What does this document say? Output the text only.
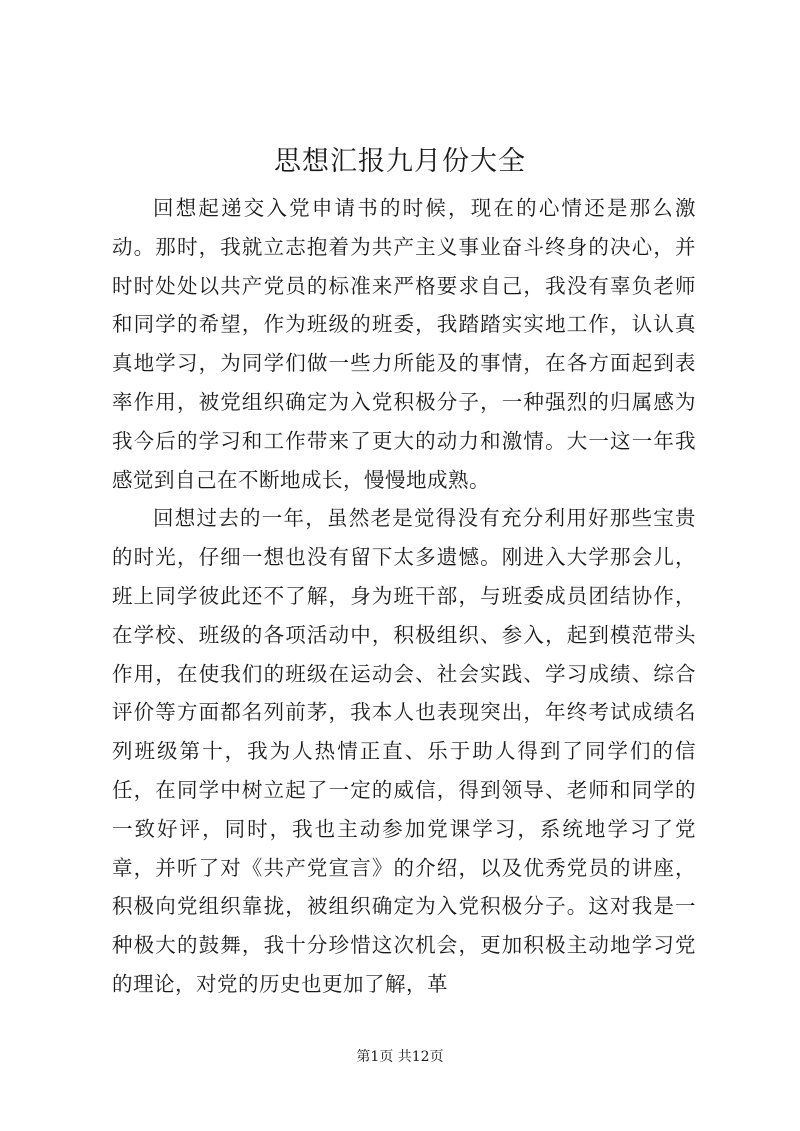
思想汇报九月份大全

回想起递交入党申请书的时候，现在的心情还是那么激动。那时，我就立志抱着为共产主义事业奋斗终身的决心，并时时处处以共产党员的标准来严格要求自己，我没有辜负老师和同学的希望，作为班级的班委，我踏踏实实地工作，认认真真地学习，为同学们做一些力所能及的事情，在各方面起到表率作用，被党组织确定为入党积极分子，一种强烈的归属感为我今后的学习和工作带来了更大的动力和激情。大一这一年我感觉到自己在不断地成长，慢慢地成熟。

回想过去的一年，虽然老是觉得没有充分利用好那些宝贵的时光，仔细一想也没有留下太多遗憾。刚进入大学那会儿，班上同学彼此还不了解，身为班干部，与班委成员团结协作，在学校、班级的各项活动中，积极组织、参入，起到模范带头作用，在使我们的班级在运动会、社会实践、学习成绩、综合评价等方面都名列前茅，我本人也表现突出，年终考试成绩名列班级第十，我为人热情正直、乐于助人得到了同学们的信任，在同学中树立起了一定的威信，得到领导、老师和同学的一致好评，同时，我也主动参加党课学习，系统地学习了党章，并听了对《共产党宣言》的介绍，以及优秀党员的讲座，积极向党组织靠拢，被组织确定为入党积极分子。这对我是一种极大的鼓舞，我十分珍惜这次机会，更加积极主动地学习党的理论，对党的历史也更加了解，革

第1页 共12页
